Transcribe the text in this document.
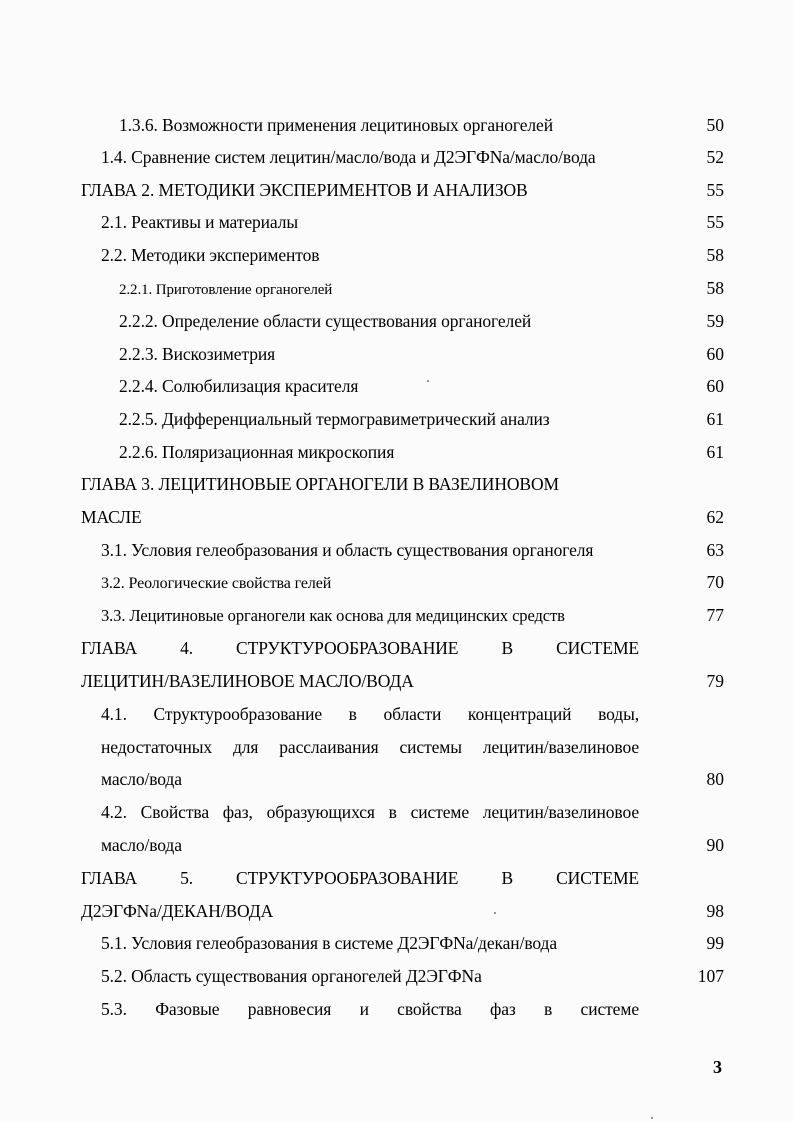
1.3.6. Возможности применения лецитиновых органогелей	50
1.4. Сравнение систем лецитин/масло/вода и Д2ЭГФNa/масло/вода	52
ГЛАВА 2. МЕТОДИКИ ЭКСПЕРИМЕНТОВ И АНАЛИЗОВ	55
2.1. Реактивы и материалы	55
2.2. Методики экспериментов	58
2.2.1. Приготовление органогелей	58
2.2.2. Определение области существования органогелей	59
2.2.3. Вискозиметрия	60
2.2.4. Солюбилизация красителя	60
2.2.5. Дифференциальный термогравиметрический анализ	61
2.2.6. Поляризационная микроскопия	61
ГЛАВА 3. ЛЕЦИТИНОВЫЕ ОРГАНОГЕЛИ В ВАЗЕЛИНОВОМ
МАСЛЕ	62
3.1. Условия гелеобразования и область существования органогеля	63
3.2. Реологические свойства гелей	70
3.3. Лецитиновые органогели как основа для медицинских средств	77
ГЛАВА 4. СТРУКТУРООБРАЗОВАНИЕ В СИСТЕМЕ
ЛЕЦИТИН/ВАЗЕЛИНОВОЕ МАСЛО/ВОДА	79
4.1. Структурообразование в области концентраций воды,
недостаточных для расслаивания системы лецитин/вазелиновое
масло/вода	80
4.2. Свойства фаз, образующихся в системе лецитин/вазелиновое
масло/вода	90
ГЛАВА 5. СТРУКТУРООБРАЗОВАНИЕ В СИСТЕМЕ
Д2ЭГФNa/ДЕКАН/ВОДА	98
5.1. Условия гелеобразования в системе Д2ЭГФNa/декан/вода	99
5.2. Область существования органогелей Д2ЭГФNa	107
5.3. Фазовые равновесия и свойства фаз в системе
3
